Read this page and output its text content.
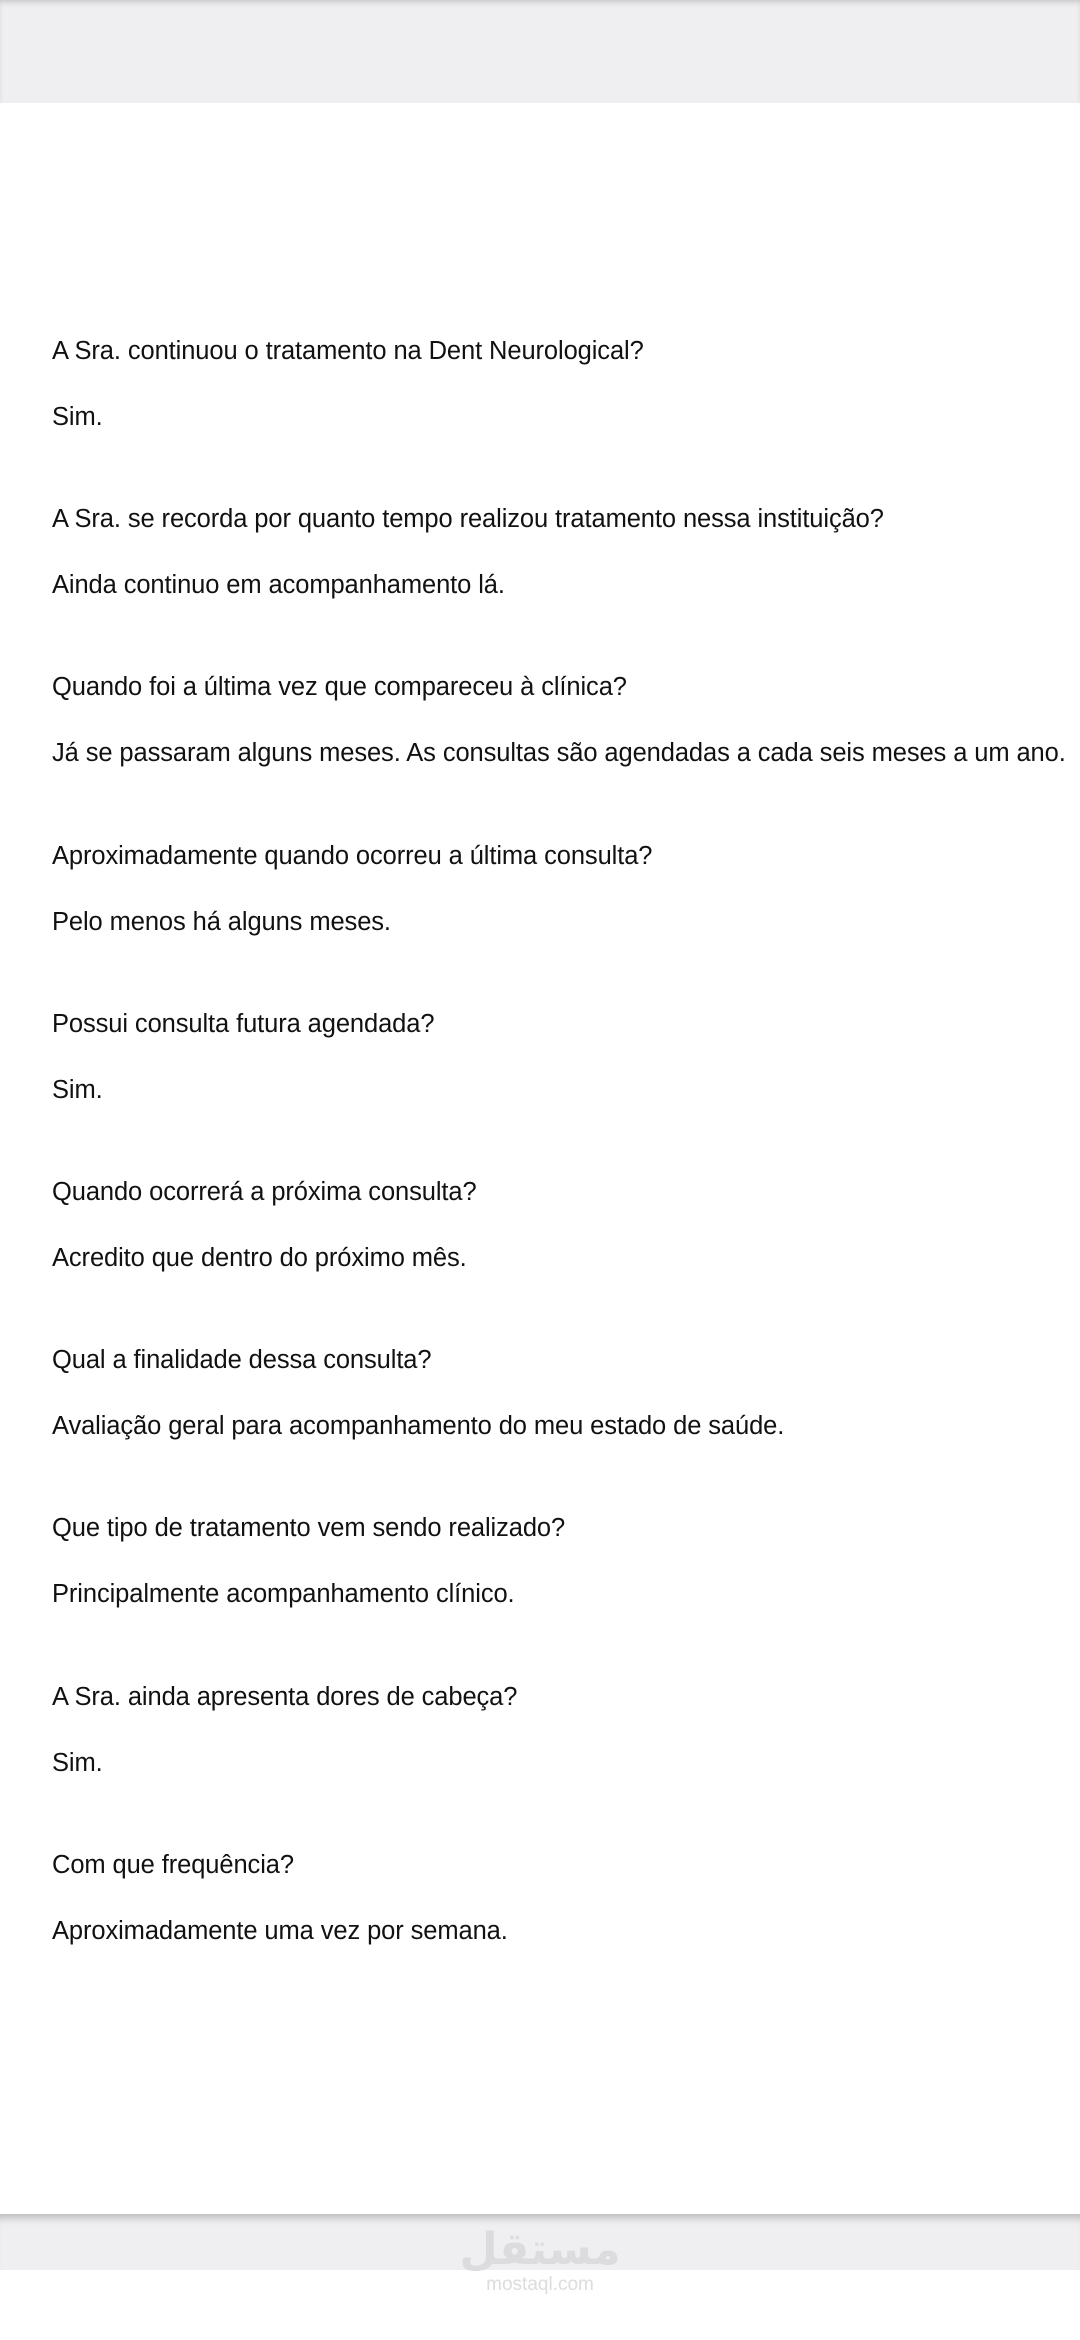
A Sra. continuou o tratamento na Dent Neurological?
Sim.
A Sra. se recorda por quanto tempo realizou tratamento nessa instituição?
Ainda continuo em acompanhamento lá.
Quando foi a última vez que compareceu à clínica?
Já se passaram alguns meses. As consultas são agendadas a cada seis meses a um ano.
Aproximadamente quando ocorreu a última consulta?
Pelo menos há alguns meses.
Possui consulta futura agendada?
Sim.
Quando ocorrerá a próxima consulta?
Acredito que dentro do próximo mês.
Qual a finalidade dessa consulta?
Avaliação geral para acompanhamento do meu estado de saúde.
Que tipo de tratamento vem sendo realizado?
Principalmente acompanhamento clínico.
A Sra. ainda apresenta dores de cabeça?
Sim.
Com que frequência?
Aproximadamente uma vez por semana.
مستقل
mostaql.com
